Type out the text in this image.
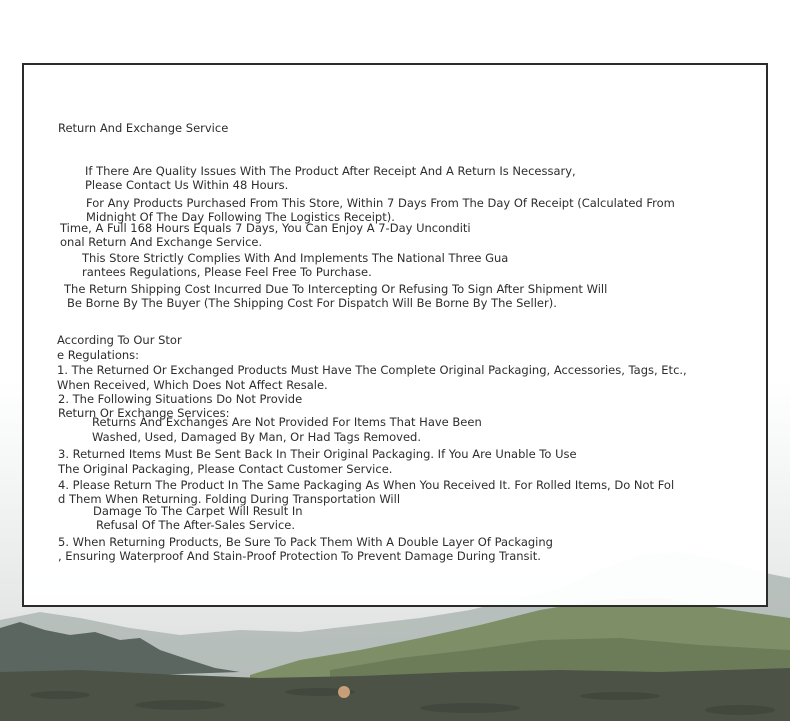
Return And Exchange Service
If There Are Quality Issues With The Product After Receipt And A Return Is Necessary,
Please Contact Us Within 48 Hours.
For Any Products Purchased From This Store, Within 7 Days From The Day Of Receipt (Calculated From
Midnight Of The Day Following The Logistics Receipt).
Time, A Full 168 Hours Equals 7 Days, You Can Enjoy A 7-Day Unconditi
onal Return And Exchange Service.
This Store Strictly Complies With And Implements The National Three Gua
rantees Regulations, Please Feel Free To Purchase.
The Return Shipping Cost Incurred Due To Intercepting Or Refusing To Sign After Shipment Will
Be Borne By The Buyer (The Shipping Cost For Dispatch Will Be Borne By The Seller).
According To Our Stor
e Regulations:
1. The Returned Or Exchanged Products Must Have The Complete Original Packaging, Accessories, Tags, Etc.,
When Received, Which Does Not Affect Resale.
2. The Following Situations Do Not Provide
Return Or Exchange Services:
Returns And Exchanges Are Not Provided For Items That Have Been
Washed, Used, Damaged By Man, Or Had Tags Removed.
3. Returned Items Must Be Sent Back In Their Original Packaging. If You Are Unable To Use
The Original Packaging, Please Contact Customer Service.
4. Please Return The Product In The Same Packaging As When You Received It. For Rolled Items, Do Not Fol
d Them When Returning. Folding During Transportation Will
Damage To The Carpet Will Result In
Refusal Of The After-Sales Service.
5. When Returning Products, Be Sure To Pack Them With A Double Layer Of Packaging
, Ensuring Waterproof And Stain-Proof Protection To Prevent Damage During Transit.
